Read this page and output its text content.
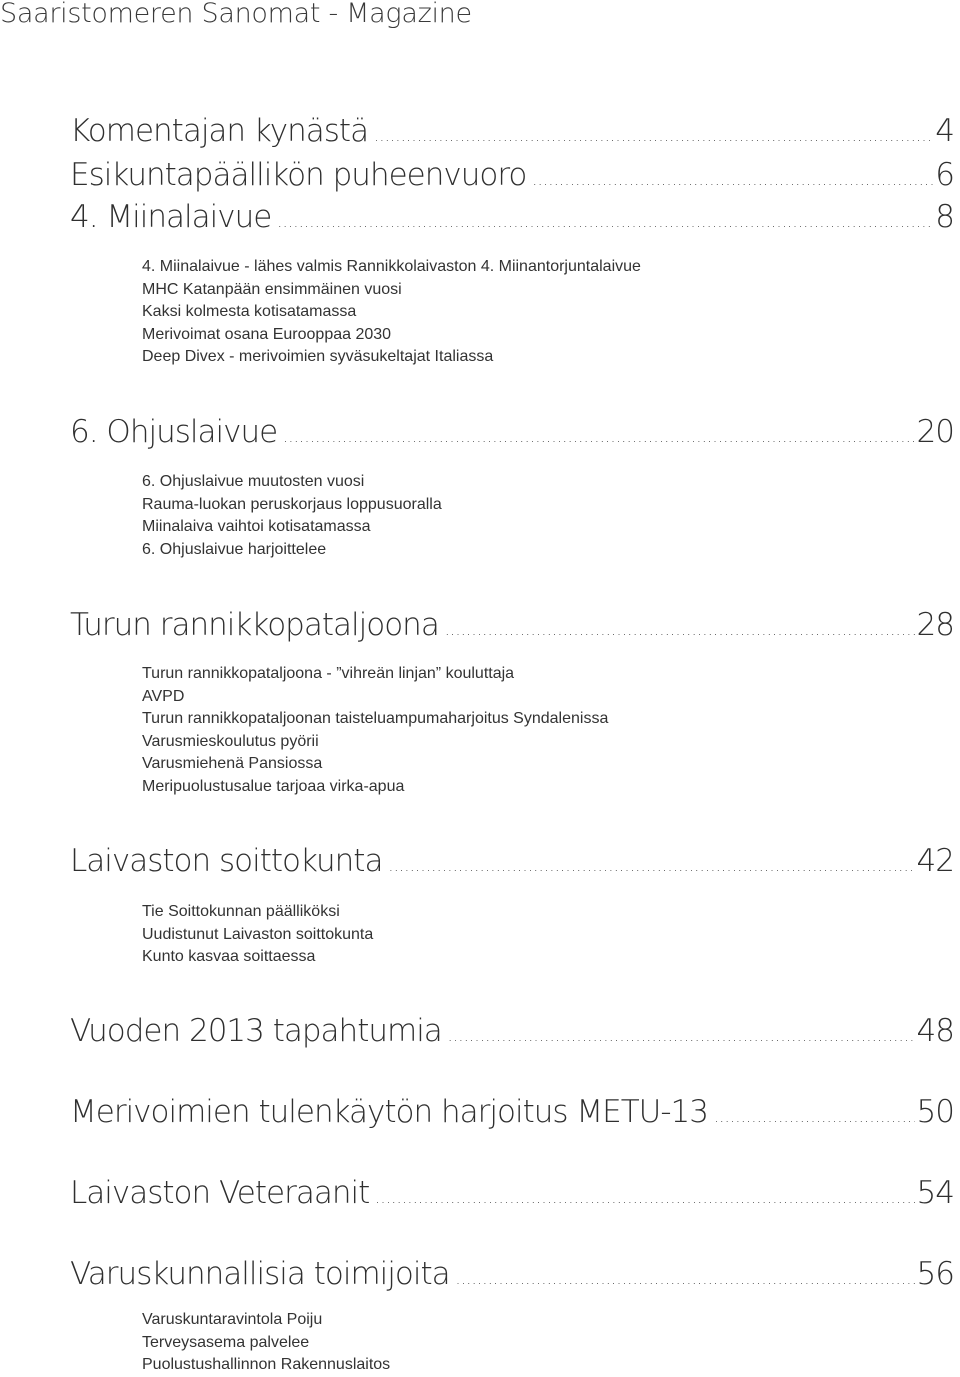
Saaristomeren Sanomat - Magazine
Komentajan kynästä .....	4
Esikuntapäällikön puheenvuoro .....	6
4. Miinalaivue .....	8
4. Miinalaivue - lähes valmis Rannikkolaivaston 4. Miinantorjuntalaivue
MHC Katanpään ensimmäinen vuosi
Kaksi kolmesta kotisatamassa
Merivoimat osana Eurooppaa 2030
Deep Divex - merivoimien syväsukeltajat Italiassa
6. Ohjuslaivue .....	20
6. Ohjuslaivue muutosten vuosi
Rauma-luokan peruskorjaus loppusuoralla
Miinalaiva vaihtoi kotisatamassa
6. Ohjuslaivue harjoittelee
Turun rannikkopataljoona .....	28
Turun rannikkopataljoona - ”vihreän linjan” kouluttaja
AVPD
Turun rannikkopataljoonan taisteluampumaharjoitus Syndalenissa
Varusmieskoulutus pyörii
Varusmiehenä Pansiossa
Meripuolustusalue tarjoaa virka-apua
Laivaston soittokunta .....	42
Tie Soittokunnan päälliköksi
Uudistunut Laivaston soittokunta
Kunto kasvaa soittaessa
Vuoden 2013 tapahtumia .....	48
Merivoimien tulenkäytön harjoitus METU-13 .....	50
Laivaston Veteraanit .....	54
Varuskunnallisia toimijoita .....	56
Varuskuntaravintola Poiju
Terveysasema palvelee
Puolustushallinnon Rakennuslaitos
